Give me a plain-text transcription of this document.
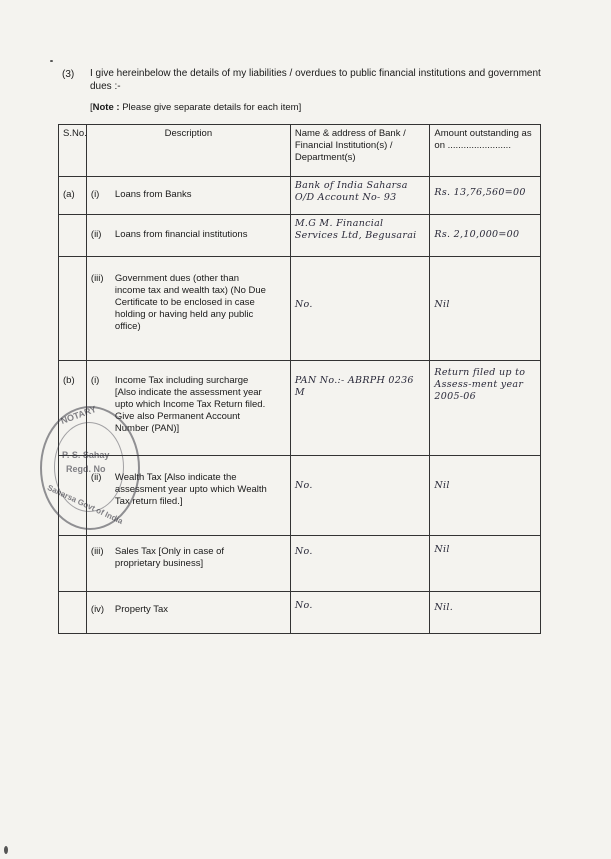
(3) I give hereinbelow the details of my liabilities / overdues to public financial institutions and government dues :-
[Note : Please give separate details for each item]
S.No.	Description	Name & address of Bank / Financial Institution(s) / Department(s)	Amount outstanding as on ........................
(a)	(i) Loans from Banks	Bank of India Saharsa O/D Account No- 93	Rs. 13,76,560=00
	(ii) Loans from financial institutions	M.G M. Financial Services Ltd, Begusarai	Rs. 2,10,000=00
	(iii) Government dues (other than income tax and wealth tax) (No Due Certificate to be enclosed in case holding or having held any public office)	No.	Nil
(b)	(i) Income Tax including surcharge [Also indicate the assessment year upto which Income Tax Return filed. Give also Permanent Account Number (PAN)]	PAN No.:- ABRPH 0236 M	Return filed up to Assess-ment year 2005-06
	(ii) Wealth Tax [Also indicate the assessment year upto which Wealth Tax return filed.]	No.	Nil
	(iii) Sales Tax [Only in case of proprietary business]	No.	Nil
	(iv) Property Tax	No.	Nil.
NOTARY
P. S. Sahay
Regd. No
Saharsa Govt of India
